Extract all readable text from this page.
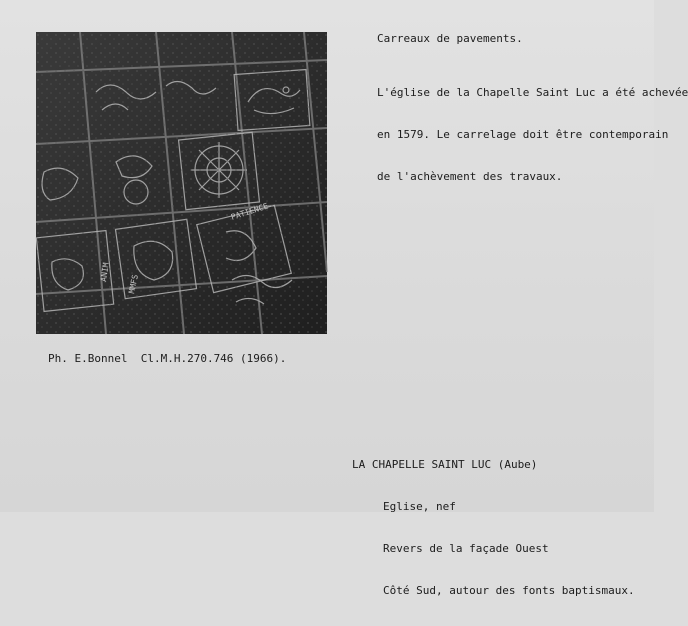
PATIENCE
MMFS
ANIM
Carreaux de pavements.

L'église de la Chapelle Saint Luc a été achevée

en 1579. Le carrelage doit être contemporain

de l'achèvement des travaux.

Ph. E.Bonnel  Cl.M.H.270.746 (1966).

LA CHAPELLE SAINT LUC (Aube)

Eglise, nef

Revers de la façade Ouest

Côté Sud, autour des fonts baptismaux.
